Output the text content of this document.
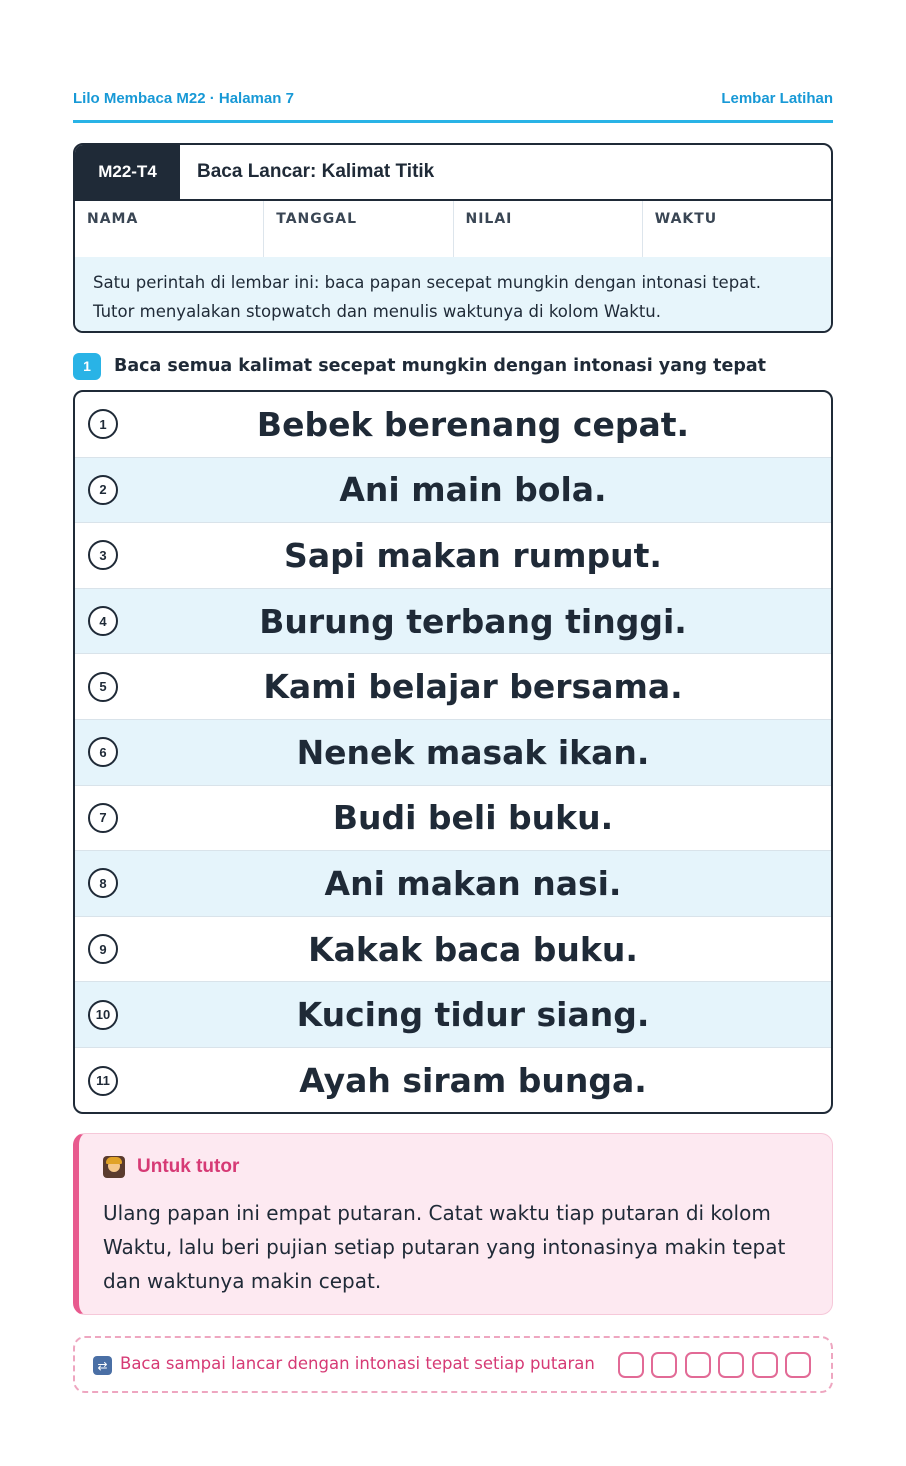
Lilo Membaca M22 · Halaman 7	Lembar Latihan
M22-T4	Baca Lancar: Kalimat Titik
NAMA	TANGGAL	NILAI	WAKTU
Satu perintah di lembar ini: baca papan secepat mungkin dengan intonasi tepat.
Tutor menyalakan stopwatch dan menulis waktunya di kolom Waktu.
1	Baca semua kalimat secepat mungkin dengan intonasi yang tepat
1	Bebek berenang cepat.
2	Ani main bola.
3	Sapi makan rumput.
4	Burung terbang tinggi.
5	Kami belajar bersama.
6	Nenek masak ikan.
7	Budi beli buku.
8	Ani makan nasi.
9	Kakak baca buku.
10	Kucing tidur siang.
11	Ayah siram bunga.
Untuk tutor
Ulang papan ini empat putaran. Catat waktu tiap putaran di kolom
Waktu, lalu beri pujian setiap putaran yang intonasinya makin tepat
dan waktunya makin cepat.
⇄ Baca sampai lancar dengan intonasi tepat setiap putaran
